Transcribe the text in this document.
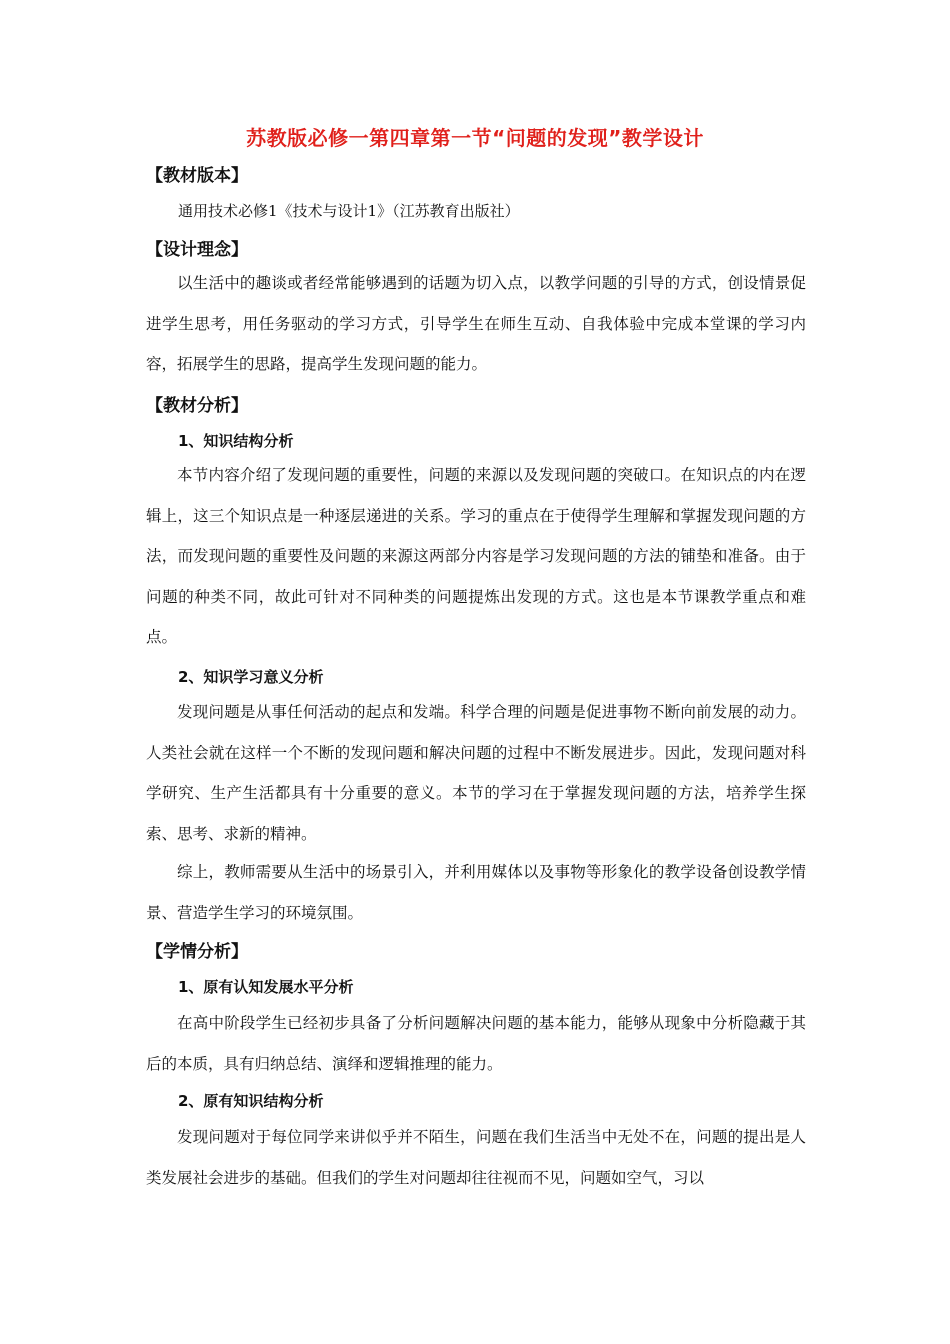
苏教版必修一第四章第一节“问题的发现”教学设计
【教材版本】
通用技术必修1《技术与设计1》（江苏教育出版社）
【设计理念】
以生活中的趣谈或者经常能够遇到的话题为切入点，以教学问题的引导的方式，创设情景促进学生思考，用任务驱动的学习方式，引导学生在师生互动、自我体验中完成本堂课的学习内容，拓展学生的思路，提高学生发现问题的能力。
【教材分析】
1、知识结构分析
本节内容介绍了发现问题的重要性，问题的来源以及发现问题的突破口。在知识点的内在逻辑上，这三个知识点是一种逐层递进的关系。学习的重点在于使得学生理解和掌握发现问题的方法，而发现问题的重要性及问题的来源这两部分内容是学习发现问题的方法的铺垫和准备。由于问题的种类不同，故此可针对不同种类的问题提炼出发现的方式。这也是本节课教学重点和难点。
2、知识学习意义分析
发现问题是从事任何活动的起点和发端。科学合理的问题是促进事物不断向前发展的动力。人类社会就在这样一个不断的发现问题和解决问题的过程中不断发展进步。因此，发现问题对科学研究、生产生活都具有十分重要的意义。本节的学习在于掌握发现问题的方法，培养学生探索、思考、求新的精神。
综上，教师需要从生活中的场景引入，并利用媒体以及事物等形象化的教学设备创设教学情景、营造学生学习的环境氛围。
【学情分析】
1、原有认知发展水平分析
在高中阶段学生已经初步具备了分析问题解决问题的基本能力，能够从现象中分析隐藏于其后的本质，具有归纳总结、演绎和逻辑推理的能力。
2、原有知识结构分析
发现问题对于每位同学来讲似乎并不陌生，问题在我们生活当中无处不在，问题的提出是人类发展社会进步的基础。但我们的学生对问题却往往视而不见，问题如空气，习以
